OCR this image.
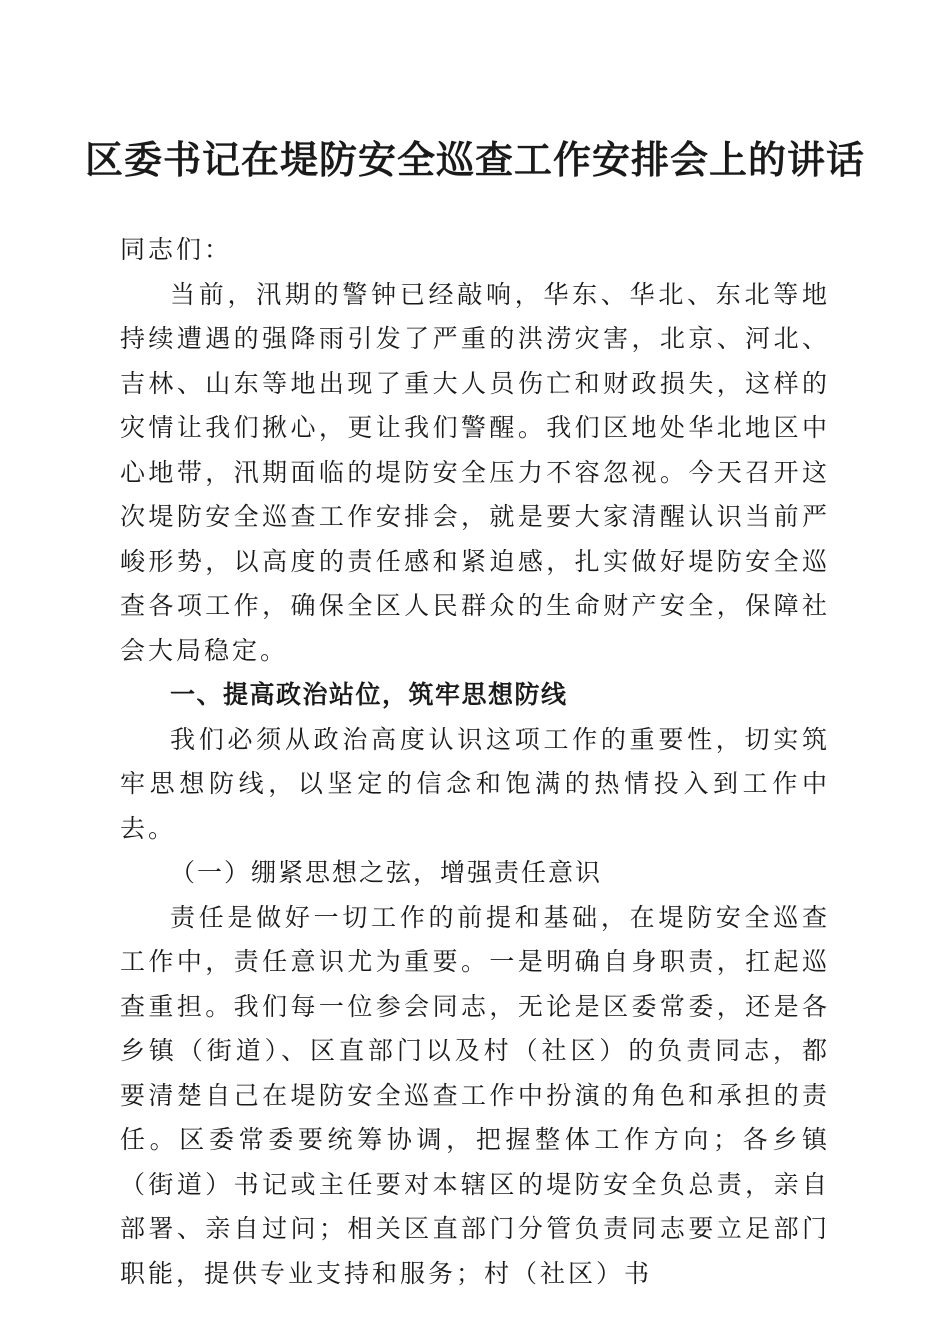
区委书记在堤防安全巡查工作安排会上的讲话

同志们：

当前，汛期的警钟已经敲响，华东、华北、东北等地持续遭遇的强降雨引发了严重的洪涝灾害，北京、河北、吉林、山东等地出现了重大人员伤亡和财政损失，这样的灾情让我们揪心，更让我们警醒。我们区地处华北地区中心地带，汛期面临的堤防安全压力不容忽视。今天召开这次堤防安全巡查工作安排会，就是要大家清醒认识当前严峻形势，以高度的责任感和紧迫感，扎实做好堤防安全巡查各项工作，确保全区人民群众的生命财产安全，保障社会大局稳定。

一、提高政治站位，筑牢思想防线

我们必须从政治高度认识这项工作的重要性，切实筑牢思想防线，以坚定的信念和饱满的热情投入到工作中去。

（一）绷紧思想之弦，增强责任意识

责任是做好一切工作的前提和基础，在堤防安全巡查工作中，责任意识尤为重要。一是明确自身职责，扛起巡查重担。我们每一位参会同志，无论是区委常委，还是各乡镇（街道）、区直部门以及村（社区）的负责同志，都要清楚自己在堤防安全巡查工作中扮演的角色和承担的责任。区委常委要统筹协调，把握整体工作方向；各乡镇（街道）书记或主任要对本辖区的堤防安全负总责，亲自部署、亲自过问；相关区直部门分管负责同志要立足部门职能，提供专业支持和服务；村（社区）书
